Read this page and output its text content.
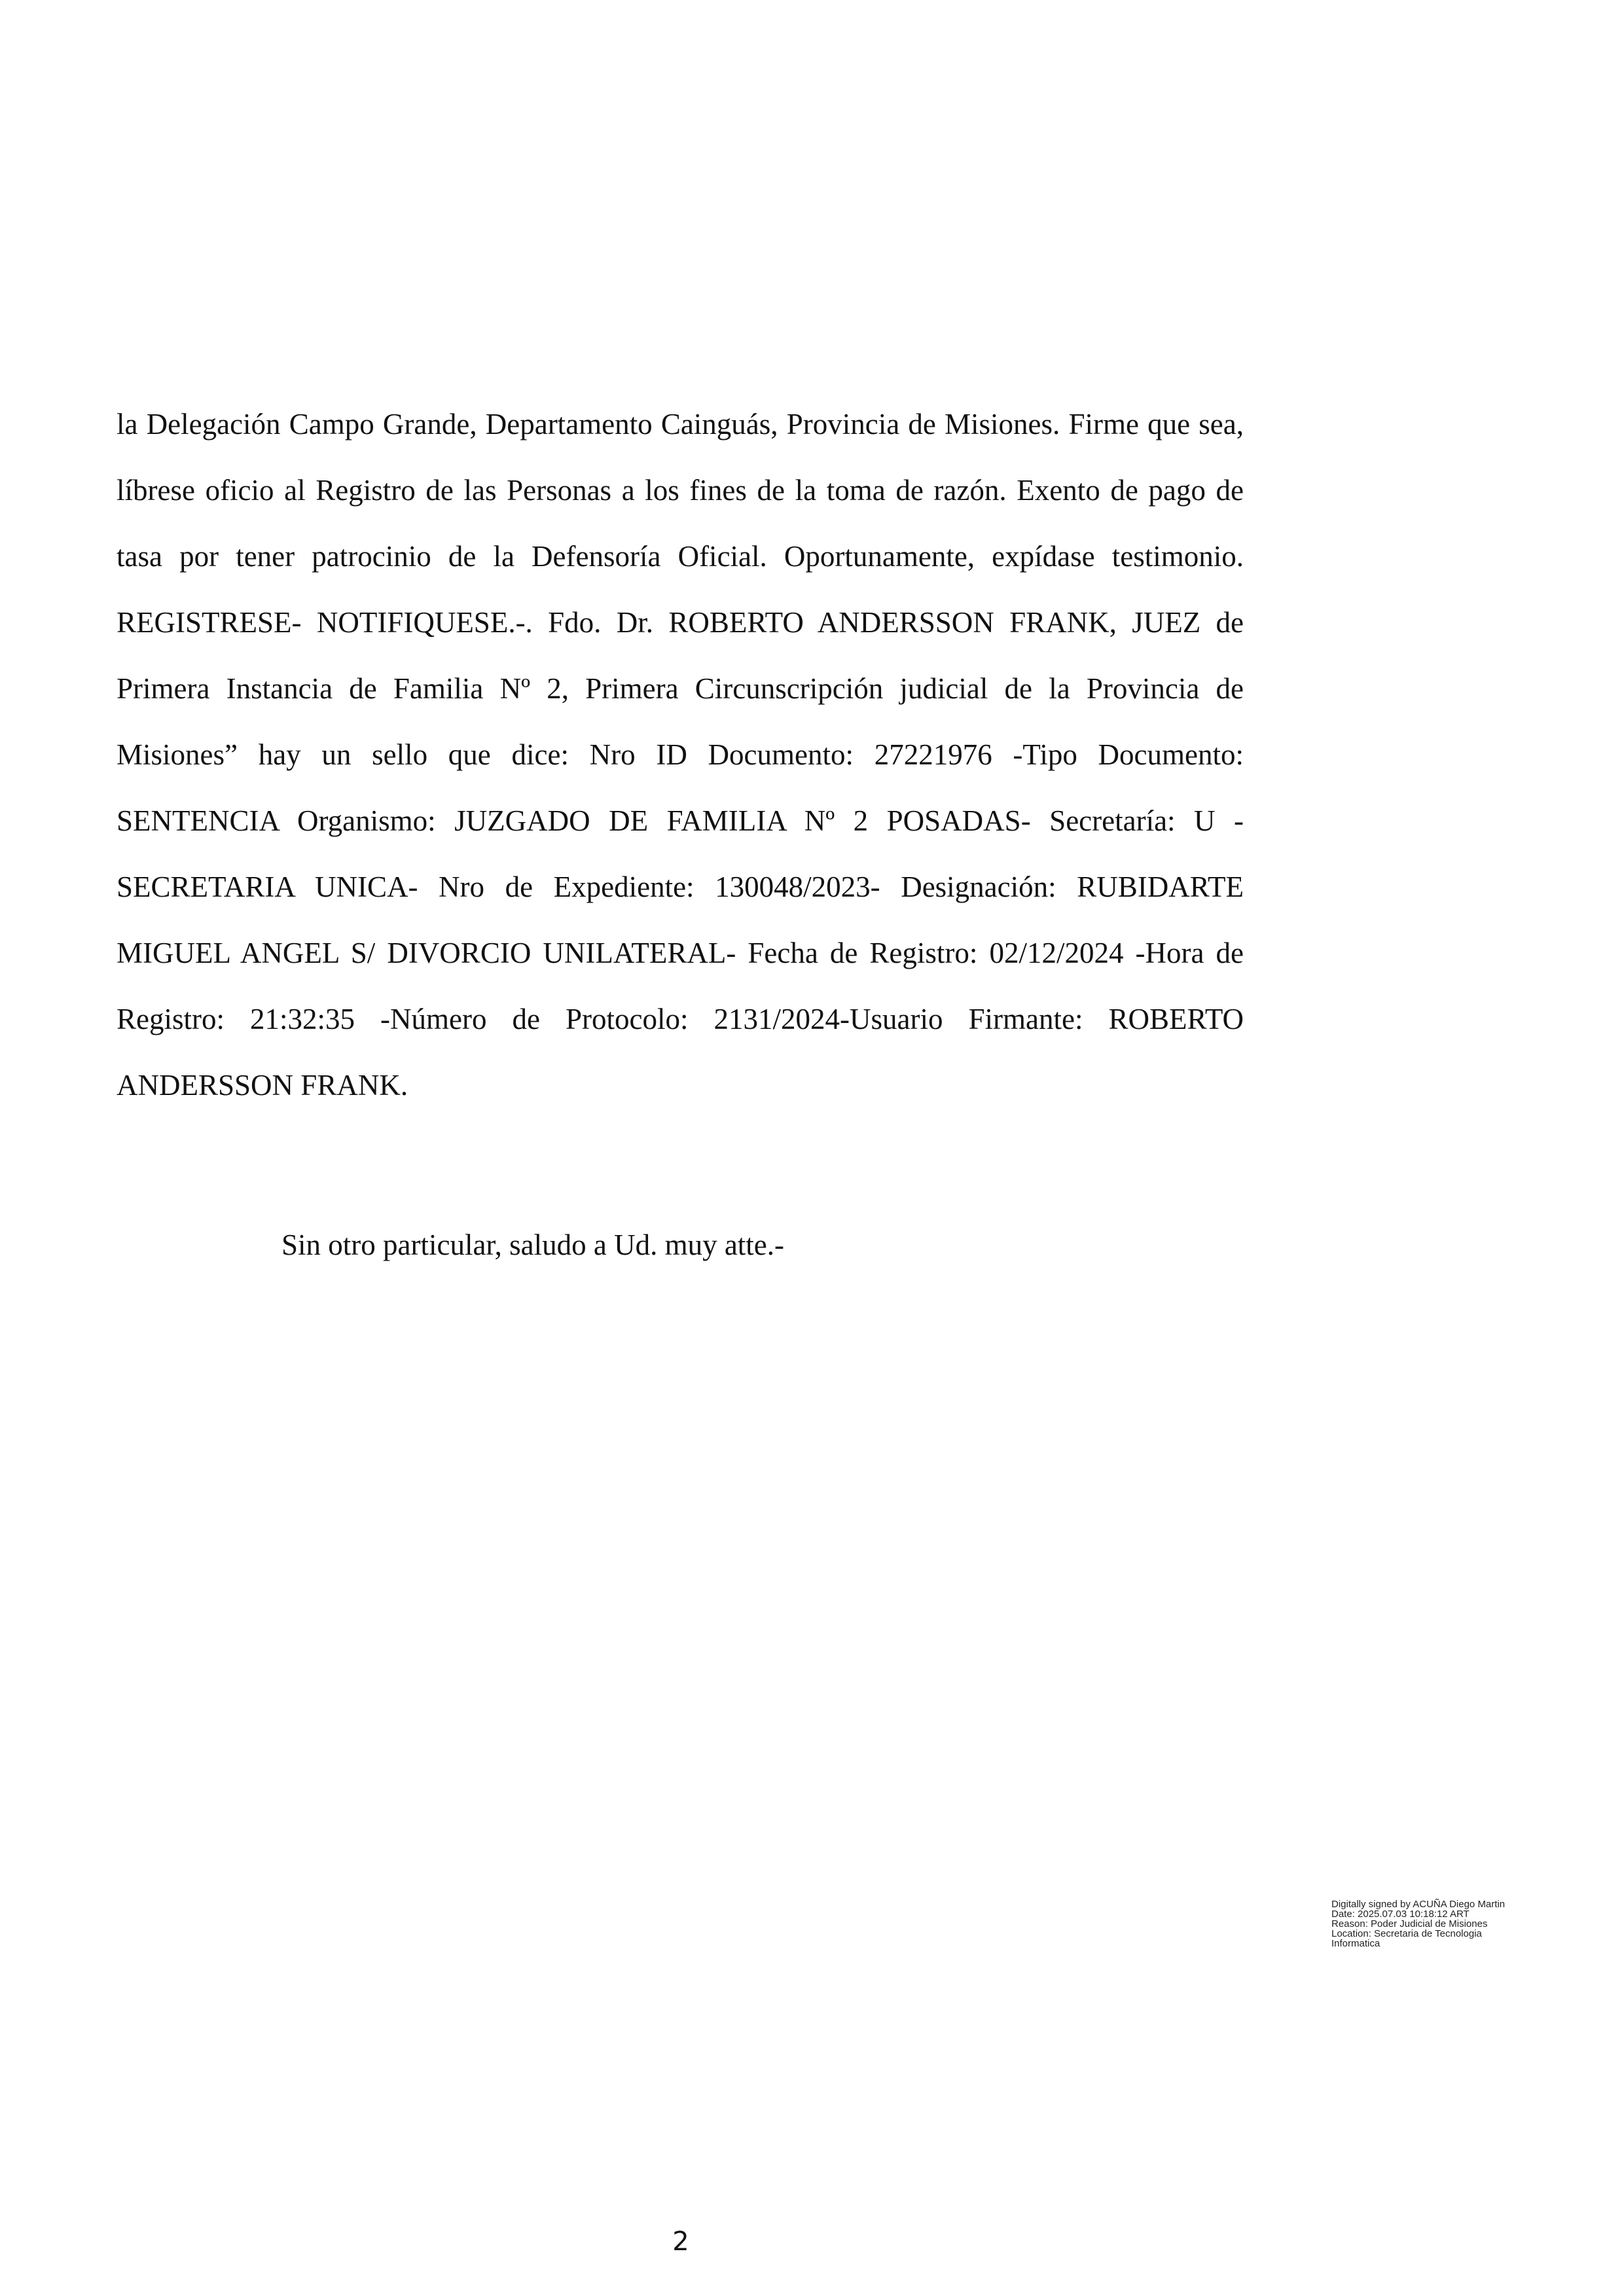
la Delegación Campo Grande, Departamento Cainguás, Provincia de Misiones. Firme que sea, líbrese oficio al Registro de las Personas a los fines de la toma de razón. Exento de pago de tasa por tener patrocinio de la Defensoría Oficial. Oportunamente, expídase testimonio. REGISTRESE- NOTIFIQUESE.-. Fdo. Dr. ROBERTO ANDERSSON FRANK, JUEZ de Primera Instancia de Familia Nº 2, Primera Circunscripción judicial de la Provincia de Misiones” hay un sello que dice: Nro ID Documento: 27221976 -Tipo Documento: SENTENCIA Organismo: JUZGADO DE FAMILIA Nº 2 POSADAS- Secretaría: U - SECRETARIA UNICA- Nro de Expediente: 130048/2023- Designación: RUBIDARTE MIGUEL ANGEL S/ DIVORCIO UNILATERAL- Fecha de Registro: 02/12/2024 -Hora de Registro: 21:32:35 -Número de Protocolo: 2131/2024-Usuario Firmante: ROBERTO ANDERSSON FRANK.

Sin otro particular, saludo a Ud. muy atte.-

Digitally signed by ACUÑA Diego Martin
Date: 2025.07.03 10:18:12 ART
Reason: Poder Judicial de Misiones
Location: Secretaria de Tecnologia
Informatica
2
